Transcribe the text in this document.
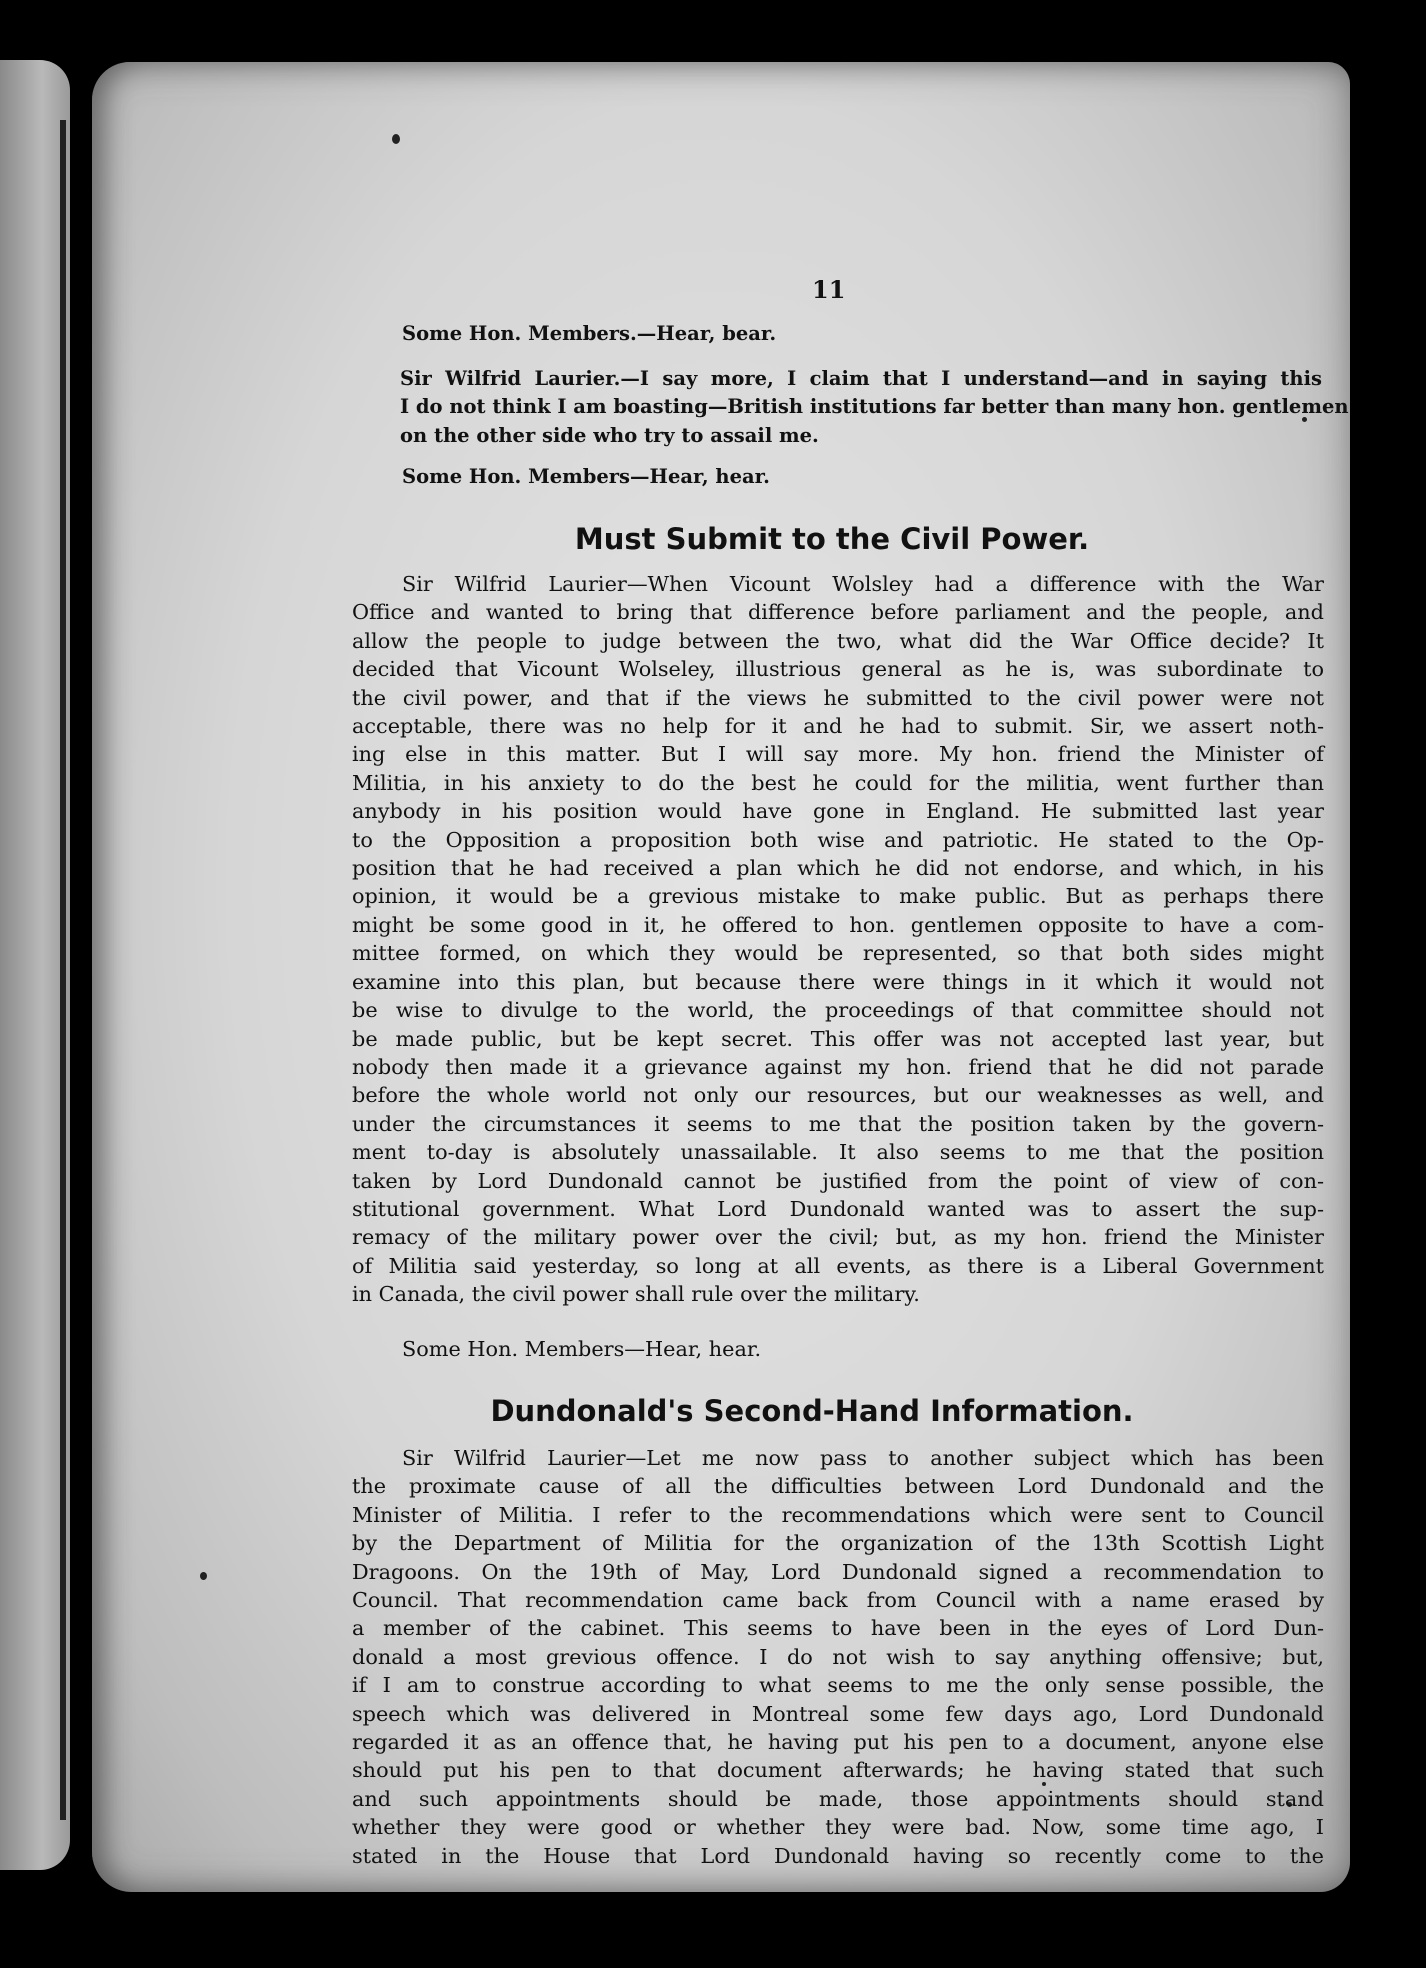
11

Some Hon. Members.—Hear, bear.

Sir Wilfrid Laurier.—I say more, I claim that I understand—and in saying this

I do not think I am boasting—British institutions far better than many hon. gentlemen

on the other side who try to assail me.

Some Hon. Members—Hear, hear.

Must Submit to the Civil Power.

Sir Wilfrid Laurier—When Vicount Wolsley had a difference with the War

Office and wanted to bring that difference before parliament and the people, and

allow the people to judge between the two, what did the War Office decide? It

decided that Vicount Wolseley, illustrious general as he is, was subordinate to

the civil power, and that if the views he submitted to the civil power were not

acceptable, there was no help for it and he had to submit. Sir, we assert noth-

ing else in this matter. But I will say more. My hon. friend the Minister of

Militia, in his anxiety to do the best he could for the militia, went further than

anybody in his position would have gone in England. He submitted last year

to the Opposition a proposition both wise and patriotic. He stated to the Op-

position that he had received a plan which he did not endorse, and which, in his

opinion, it would be a grevious mistake to make public. But as perhaps there

might be some good in it, he offered to hon. gentlemen opposite to have a com-

mittee formed, on which they would be represented, so that both sides might

examine into this plan, but because there were things in it which it would not

be wise to divulge to the world, the proceedings of that committee should not

be made public, but be kept secret. This offer was not accepted last year, but

nobody then made it a grievance against my hon. friend that he did not parade

before the whole world not only our resources, but our weaknesses as well, and

under the circumstances it seems to me that the position taken by the govern-

ment to-day is absolutely unassailable. It also seems to me that the position

taken by Lord Dundonald cannot be justified from the point of view of con-

stitutional government. What Lord Dundonald wanted was to assert the sup-

remacy of the military power over the civil; but, as my hon. friend the Minister

of Militia said yesterday, so long at all events, as there is a Liberal Government

in Canada, the civil power shall rule over the military.

Some Hon. Members—Hear, hear.

Dundonald's Second-Hand Information.

Sir Wilfrid Laurier—Let me now pass to another subject which has been

the proximate cause of all the difficulties between Lord Dundonald and the

Minister of Militia. I refer to the recommendations which were sent to Council

by the Department of Militia for the organization of the 13th Scottish Light

Dragoons. On the 19th of May, Lord Dundonald signed a recommendation to

Council. That recommendation came back from Council with a name erased by

a member of the cabinet. This seems to have been in the eyes of Lord Dun-

donald a most grevious offence. I do not wish to say anything offensive; but,

if I am to construe according to what seems to me the only sense possible, the

speech which was delivered in Montreal some few days ago, Lord Dundonald

regarded it as an offence that, he having put his pen to a document, anyone else

should put his pen to that document afterwards; he having stated that such

and such appointments should be made, those appointments should stand

whether they were good or whether they were bad. Now, some time ago, I

stated in the House that Lord Dundonald having so recently come to the
